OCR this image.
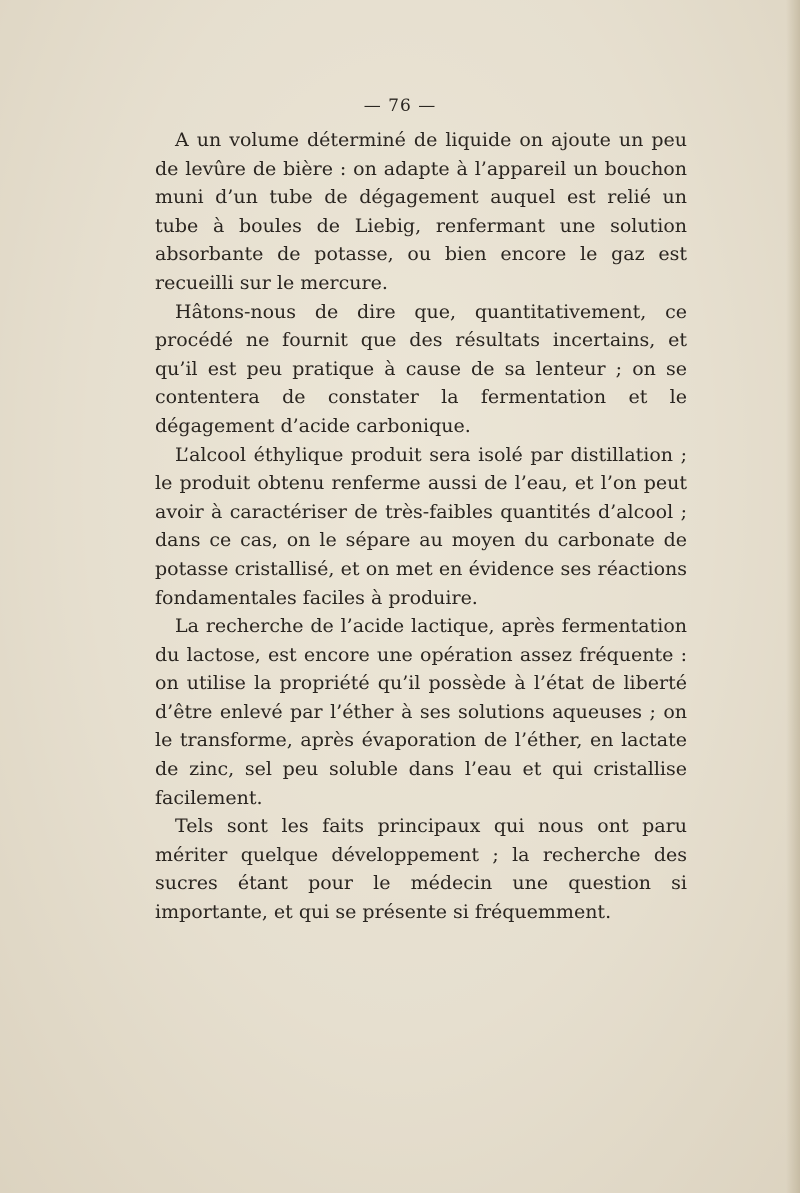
— 76 —

A un volume déterminé de liquide on ajoute un peu de levûre de bière : on adapte à l’appareil un bouchon muni d’un tube de dégagement auquel est relié un tube à boules de Liebig, renfermant une solution absorbante de potasse, ou bien encore le gaz est recueilli sur le mercure.

Hâtons-nous de dire que, quantitativement, ce procédé ne fournit que des résultats incertains, et qu’il est peu pratique à cause de sa lenteur ; on se contentera de constater la fermentation et le dégagement d’acide carbonique.

L’alcool éthylique produit sera isolé par distillation ; le produit obtenu renferme aussi de l’eau, et l’on peut avoir à caractériser de très-faibles quantités d’alcool ; dans ce cas, on le sépare au moyen du carbonate de potasse cristallisé, et on met en évidence ses réactions fondamentales faciles à produire.

La recherche de l’acide lactique, après fermentation du lactose, est encore une opération assez fréquente : on utilise la propriété qu’il possède à l’état de liberté d’être enlevé par l’éther à ses solutions aqueuses ; on le transforme, après évaporation de l’éther, en lactate de zinc, sel peu soluble dans l’eau et qui cristallise facilement.

Tels sont les faits principaux qui nous ont paru mériter quelque développement ; la recherche des sucres étant pour le médecin une question si importante, et qui se présente si fréquemment.
